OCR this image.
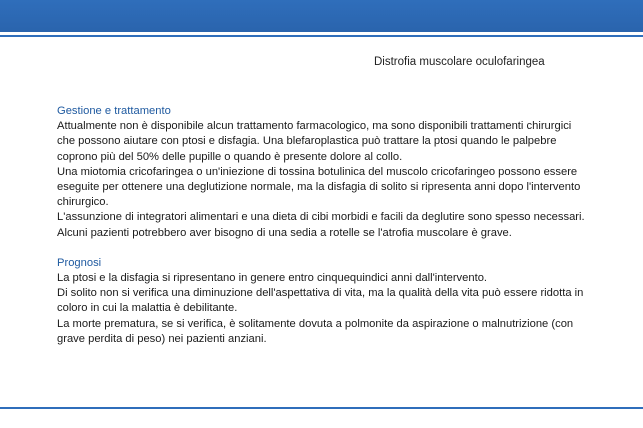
Distrofia muscolare oculofaringea
Gestione e trattamento

Attualmente non è disponibile alcun trattamento farmacologico, ma sono disponibili trattamenti chirurgici che possono aiutare con ptosi e disfagia. Una blefaroplastica può trattare la ptosi quando le palpebre coprono più del 50% delle pupille o quando è presente dolore al collo.

Una miotomia cricofaringea o un'iniezione di tossina botulinica del muscolo cricofaringeo possono essere eseguite per ottenere una deglutizione normale, ma la disfagia di solito si ripresenta anni dopo l'intervento chirurgico.

L'assunzione di integratori alimentari e una dieta di cibi morbidi e facili da deglutire sono spesso necessari. Alcuni pazienti potrebbero aver bisogno di una sedia a rotelle se l'atrofia muscolare è grave.

Prognosi

La ptosi e la disfagia si ripresentano in genere entro cinquequindici anni dall'intervento.

Di solito non si verifica una diminuzione dell'aspettativa di vita, ma la qualità della vita può essere ridotta in coloro in cui la malattia è debilitante.

La morte prematura, se si verifica, è solitamente dovuta a polmonite da aspirazione o malnutrizione (con grave perdita di peso) nei pazienti anziani.
